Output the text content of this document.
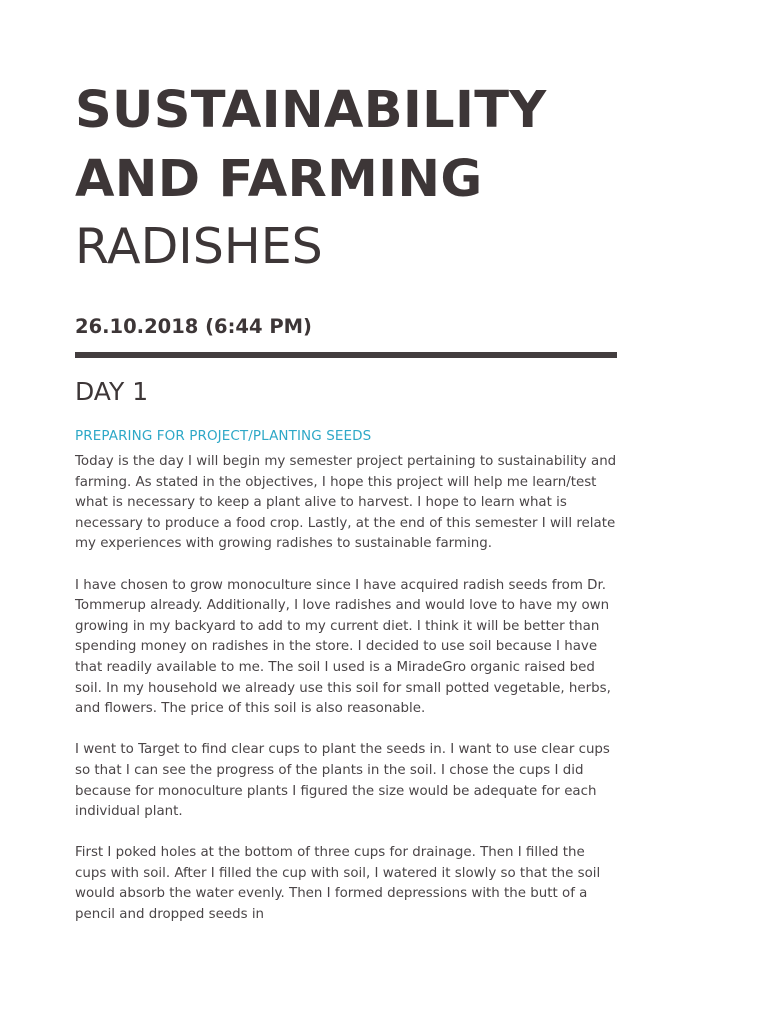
SUSTAINABILITY
AND FARMING
RADISHES
26.10.2018 (6:44 PM)
DAY 1
PREPARING FOR PROJECT/PLANTING SEEDS

Today is the day I will begin my semester project pertaining to sustainability and farming. As stated in the objectives, I hope this project will help me learn/test what is necessary to keep a plant alive to harvest. I hope to learn what is necessary to produce a food crop. Lastly, at the end of this semester I will relate my experiences with growing radishes to sustainable farming.

I have chosen to grow monoculture since I have acquired radish seeds from Dr. Tommerup already. Additionally, I love radishes and would love to have my own growing in my backyard to add to my current diet. I think it will be better than spending money on radishes in the store. I decided to use soil because I have that readily available to me. The soil I used is a MiradeGro organic raised bed soil. In my household we already use this soil for small potted vegetable, herbs, and flowers. The price of this soil is also reasonable.

I went to Target to find clear cups to plant the seeds in. I want to use clear cups so that I can see the progress of the plants in the soil. I chose the cups I did because for monoculture plants I figured the size would be adequate for each individual plant.

First I poked holes at the bottom of three cups for drainage. Then I filled the cups with soil. After I filled the cup with soil, I watered it slowly so that the soil would absorb the water evenly. Then I formed depressions with the butt of a pencil and dropped seeds in
